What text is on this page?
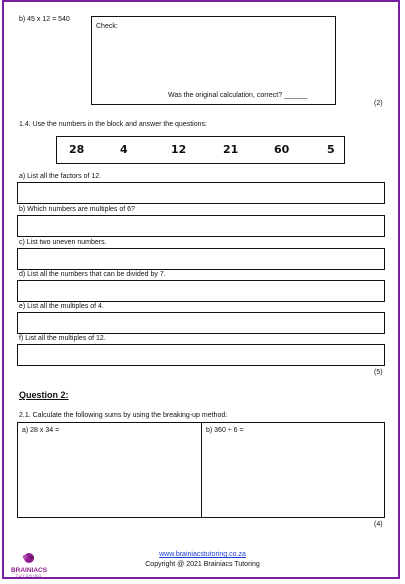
b) 45 x 12 = 540
Check:
Was the original calculation, correct? ______
(2)
1.4. Use the numbers in the block and answer the questions:
28	4	12	21	60	5
a) List all the factors of 12.
b) Which numbers are multiples of 6?
c) List two uneven numbers.
d) List all the numbers that can be divided by 7.
e) List all the multiples of 4.
f) List all the multiples of 12.
(5)
Question 2:
2.1. Calculate the following sums by using the breaking-up method:
a) 28 x 34 =	b) 360 ÷ 6 =
(4)
BRAINIACS
TUTORING
www.brainiacstutoring.co.za
Copyright @ 2021 Brainiacs Tutoring
